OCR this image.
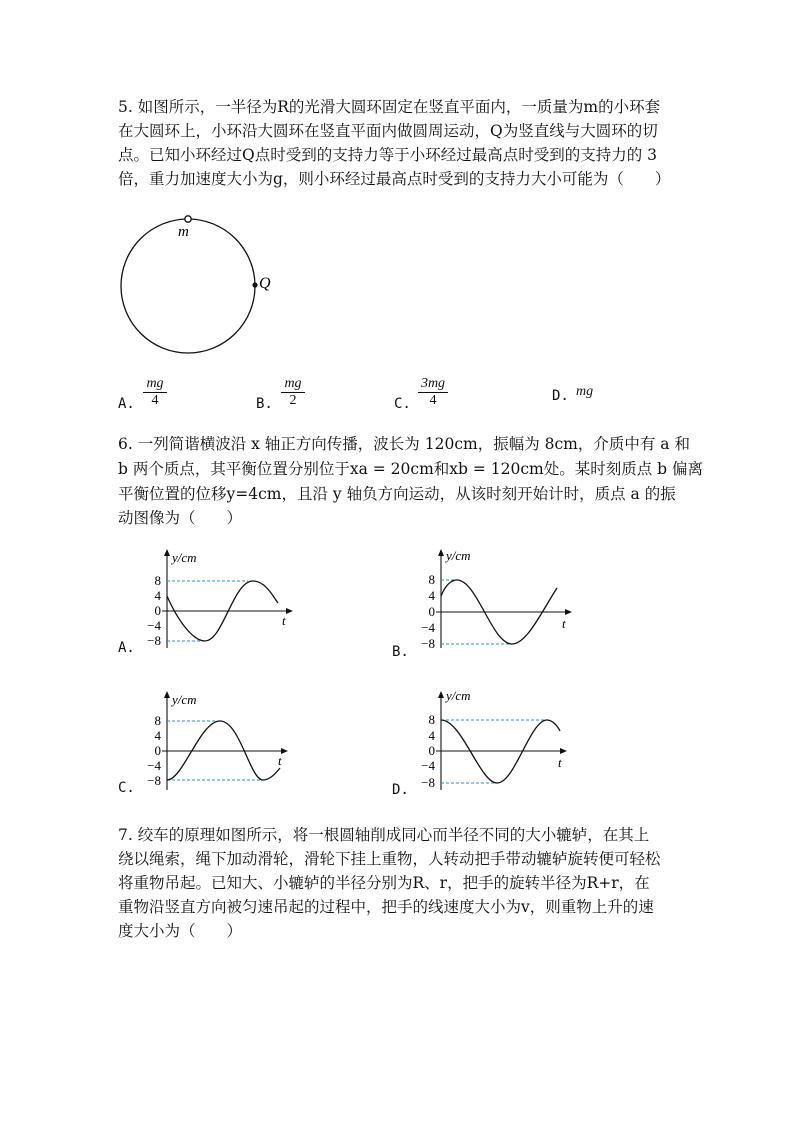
5. 如图所示，一半径为R的光滑大圆环固定在竖直平面内，一质量为m的小环套
在大圆环上，小环沿大圆环在竖直平面内做圆周运动，Q为竖直线与大圆环的切
点。已知小环经过Q点时受到的支持力等于小环经过最高点时受到的支持力的 3
倍，重力加速度大小为g，则小环经过最高点时受到的支持力大小可能为（　　）
m
Q
A.
mg
4	B.
mg
2	C.
3mg
4	D. mg
6. 一列简谐横波沿 x 轴正方向传播，波长为 120cm，振幅为 8cm，介质中有 a 和
b 两个质点，其平衡位置分别位于xa = 20cm和xb = 120cm处。某时刻质点 b 偏离
平衡位置的位移y=4cm，且沿 y 轴负方向运动，从该时刻开始计时，质点 a 的振
动图像为（　　）
y/cm
t
8
4
0
−4
−8
A.
y/cm
t
8
4
0
−4
−8
B.
y/cm
t
8
4
0
−4
−8
C.
y/cm
t
8
4
0
−4
−8
D.
7. 绞车的原理如图所示，将一根圆轴削成同心而半径不同的大小辘轳，在其上
绕以绳索，绳下加动滑轮，滑轮下挂上重物，人转动把手带动辘轳旋转便可轻松
将重物吊起。已知大、小辘轳的半径分别为R、r，把手的旋转半径为R+r，在
重物沿竖直方向被匀速吊起的过程中，把手的线速度大小为v，则重物上升的速
度大小为（　　）
